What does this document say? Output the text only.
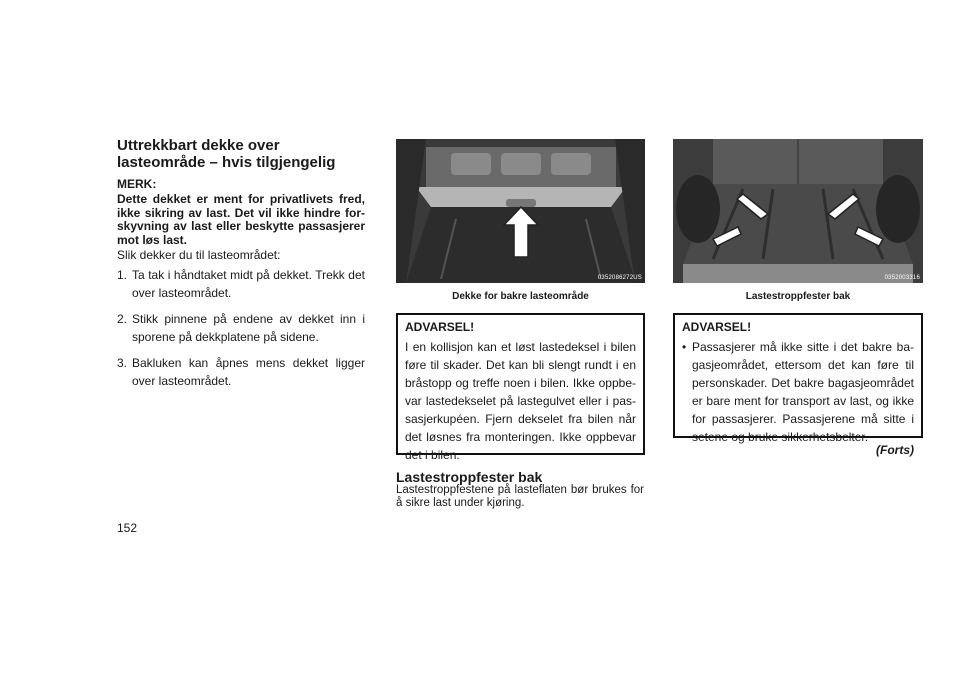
Uttrekkbart dekke over lasteområde – hvis tilgjengelig
MERK:
Dette dekket er ment for privatlivets fred, ikke sikring av last. Det vil ikke hindre for-skyvning av last eller beskytte passasjerer mot løs last.
Slik dekker du til lasteområdet:
1. Ta tak i håndtaket midt på dekket. Trekk det over lasteområdet.
2. Stikk pinnene på endene av dekket inn i sporene på dekkplatene på sidene.
3. Bakluken kan åpnes mens dekket ligger over lasteområdet.
152
0352086272US
Dekke for bakre lasteområde
ADVARSEL!

I en kollisjon kan et løst lastedeksel i bilen føre til skader. Det kan bli slengt rundt i en bråstopp og treffe noen i bilen. Ikke oppbe-var lastedekselet på lastegulvet eller i pas-sasjerkupéen. Fjern dekselet fra bilen når det løsnes fra monteringen. Ikke oppbevar det i bilen.

Lastestroppfester bak
Lastestroppfestene på lasteflaten bør brukes for å sikre last under kjøring.
0352003316
Lastestroppfester bak
ADVARSEL!
• Passasjerer må ikke sitte i det bakre ba-gasjeområdet, ettersom det kan føre til personskader. Det bakre bagasjeområdet er bare ment for transport av last, og ikke for passasjerer. Passasjerene må sitte i setene og bruke sikkerhetsbelter.

(Forts)
